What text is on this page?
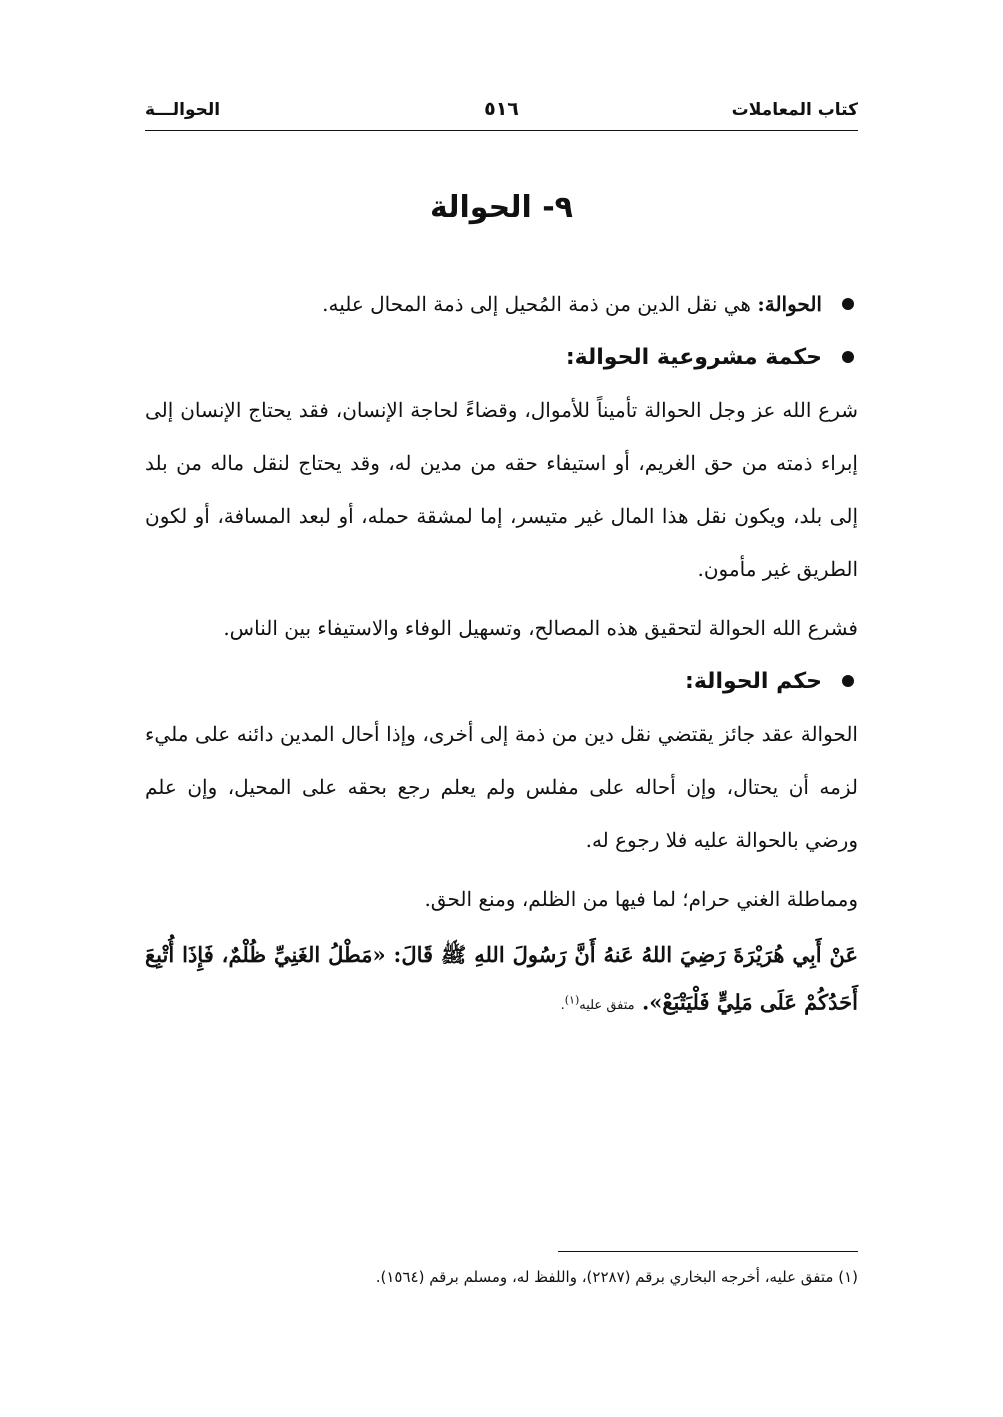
كتاب المعاملات
٥١٦
الحوالـــة
٩- الحوالة
الحوالة: هي نقل الدين من ذمة المُحيل إلى ذمة المحال عليه.
حكمة مشروعية الحوالة:

شرع الله عز وجل الحوالة تأميناً للأموال، وقضاءً لحاجة الإنسان، فقد يحتاج الإنسان إلى إبراء ذمته من حق الغريم، أو استيفاء حقه من مدين له، وقد يحتاج لنقل ماله من بلد إلى بلد، ويكون نقل هذا المال غير متيسر، إما لمشقة حمله، أو لبعد المسافة، أو لكون الطريق غير مأمون.

فشرع الله الحوالة لتحقيق هذه المصالح، وتسهيل الوفاء والاستيفاء بين الناس.

حكم الحوالة:

الحوالة عقد جائز يقتضي نقل دين من ذمة إلى أخرى، وإذا أحال المدين دائنه على مليء لزمه أن يحتال، وإن أحاله على مفلس ولم يعلم رجع بحقه على المحيل، وإن علم ورضي بالحوالة عليه فلا رجوع له.

ومماطلة الغني حرام؛ لما فيها من الظلم، ومنع الحق.

عَنْ أَبِي هُرَيْرَةَ رَضِيَ اللهُ عَنهُ أَنَّ رَسُولَ اللهِ ﷺ قَالَ: «مَطْلُ الغَنِيِّ ظُلْمٌ، فَإِذَا أُتْبِعَ أَحَدُكُمْ عَلَى مَلِيٍّ فَلْيَتْبَعْ». متفق عليه$^{(١)}$.

(١) متفق عليه، أخرجه البخاري برقم (٢٢٨٧)، واللفظ له، ومسلم برقم (١٥٦٤).
